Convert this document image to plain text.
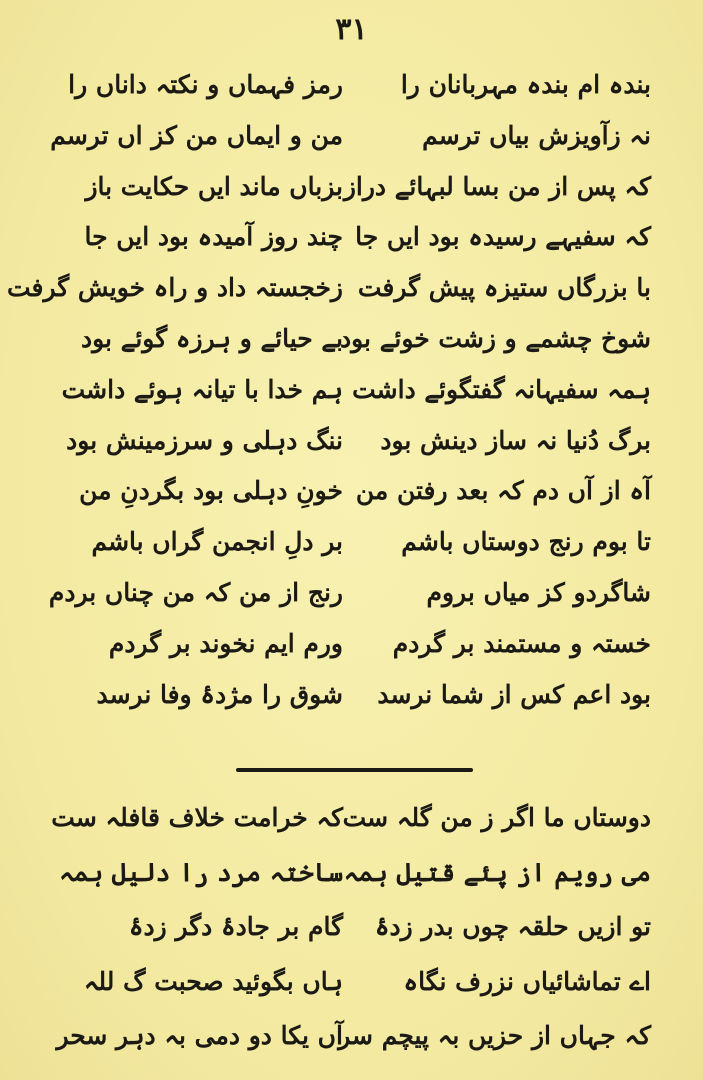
۳۱
بندہ ام بندہ مہربانان را
نہ زآویزش بیاں ترسم
کہ پس از من بسا لبہائے دراز
کہ سفیہے رسیدہ بود ایں جا
با بزرگاں ستیزہ پیش گرفت
شوخ چشمے و زشت خوئے بود
ہمہ سفیہانہ گفتگوئے داشت
برگ دُنیا نہ ساز دینش بود
آہ از آں دم کہ بعد رفتن من
تا بوم رنج دوستاں باشم
شاگردو کز میاں بروم
خستہ و مستمند بر گردم
بود اعم کس از شما نرسد
رمز فہماں و نکتہ داناں را
من و ایماں من کز اں ترسم
بزباں ماند ایں حکایت باز
چند روز آمیدہ بود ایں جا
زخجستہ داد و راہ خویش گرفت
بے حیائے و ہرزہ گوئے بود
ہم خدا با تیانہ ہوئے داشت
ننگ دہلی و سرزمینش بود
خونِ دہلی بود بگردنِ من
بر دلِ انجمن گراں باشم
رنج از من کہ من چناں بردم
ورم ایم نخوند بر گردم
شوق را مژدۂ وفا نرسد
دوستاں ما اگر ز من گلہ ست
می رویم از پئے قتیل ہمہ
تو ازیں حلقہ چوں بدر زدۂ
اے تماشائیاں نزرف نگاہ
کہ جہاں از حزیں بہ پیچم سر
کہ خرامت خلاف قافلہ ست
ساختہ مرد را دلیل ہمہ
گام بر جادۂ دگر زدۂ
ہاں بگوئید صحبت گ للہ
آں یکا دو دمی بہ دہر سحر
